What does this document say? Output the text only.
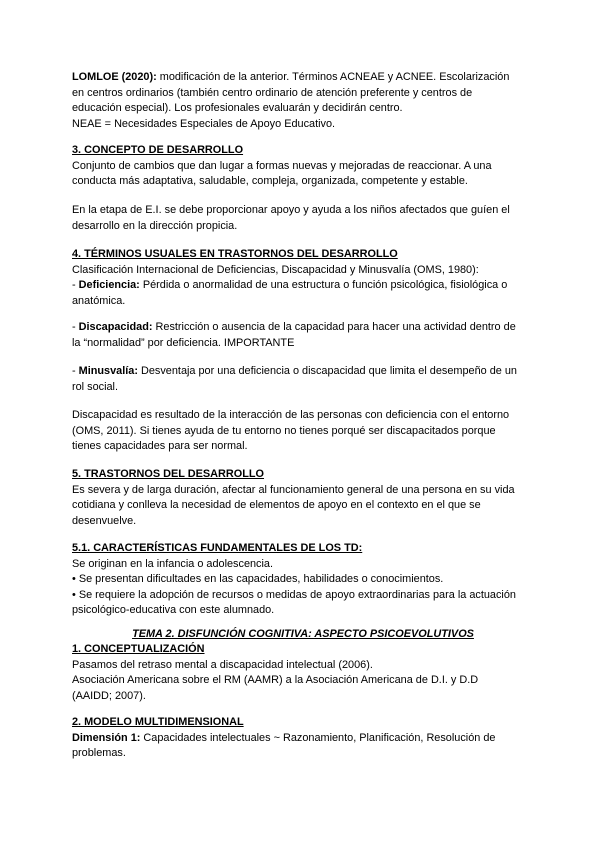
LOMLOE (2020): modificación de la anterior. Términos ACNEAE y ACNEE. Escolarización
en centros ordinarios (también centro ordinario de atención preferente y centros de
educación especial). Los profesionales evaluarán y decidirán centro.
NEAE = Necesidades Especiales de Apoyo Educativo.
3. CONCEPTO DE DESARROLLO
Conjunto de cambios que dan lugar a formas nuevas y mejoradas de reaccionar. A una
conducta más adaptativa, saludable, compleja, organizada, competente y estable.
En la etapa de E.I. se debe proporcionar apoyo y ayuda a los niños afectados que guíen el
desarrollo en la dirección propicia.
4. TÉRMINOS USUALES EN TRASTORNOS DEL DESARROLLO
Clasificación Internacional de Deficiencias, Discapacidad y Minusvalía (OMS, 1980):
- Deficiencia: Pérdida o anormalidad de una estructura o función psicológica, fisiológica o
anatómica.
- Discapacidad: Restricción o ausencia de la capacidad para hacer una actividad dentro de
la “normalidad” por deficiencia. IMPORTANTE
- Minusvalía: Desventaja por una deficiencia o discapacidad que limita el desempeño de un
rol social.
Discapacidad es resultado de la interacción de las personas con deficiencia con el entorno
(OMS, 2011). Si tienes ayuda de tu entorno no tienes porqué ser discapacitados porque
tienes capacidades para ser normal.
5. TRASTORNOS DEL DESARROLLO
Es severa y de larga duración, afectar al funcionamiento general de una persona en su vida
cotidiana y conlleva la necesidad de elementos de apoyo en el contexto en el que se
desenvuelve.
5.1. CARACTERÍSTICAS FUNDAMENTALES DE LOS TD:
Se originan en la infancia o adolescencia.
• Se presentan dificultades en las capacidades, habilidades o conocimientos.
• Se requiere la adopción de recursos o medidas de apoyo extraordinarias para la actuación
psicológico-educativa con este alumnado.
TEMA 2. DISFUNCIÓN COGNITIVA: ASPECTO PSICOEVOLUTIVOS
1. CONCEPTUALIZACIÓN
Pasamos del retraso mental a discapacidad intelectual (2006).
Asociación Americana sobre el RM (AAMR) a la Asociación Americana de D.I. y D.D
(AAIDD; 2007).
2. MODELO MULTIDIMENSIONAL
Dimensión 1: Capacidades intelectuales ~ Razonamiento, Planificación, Resolución de
problemas.
